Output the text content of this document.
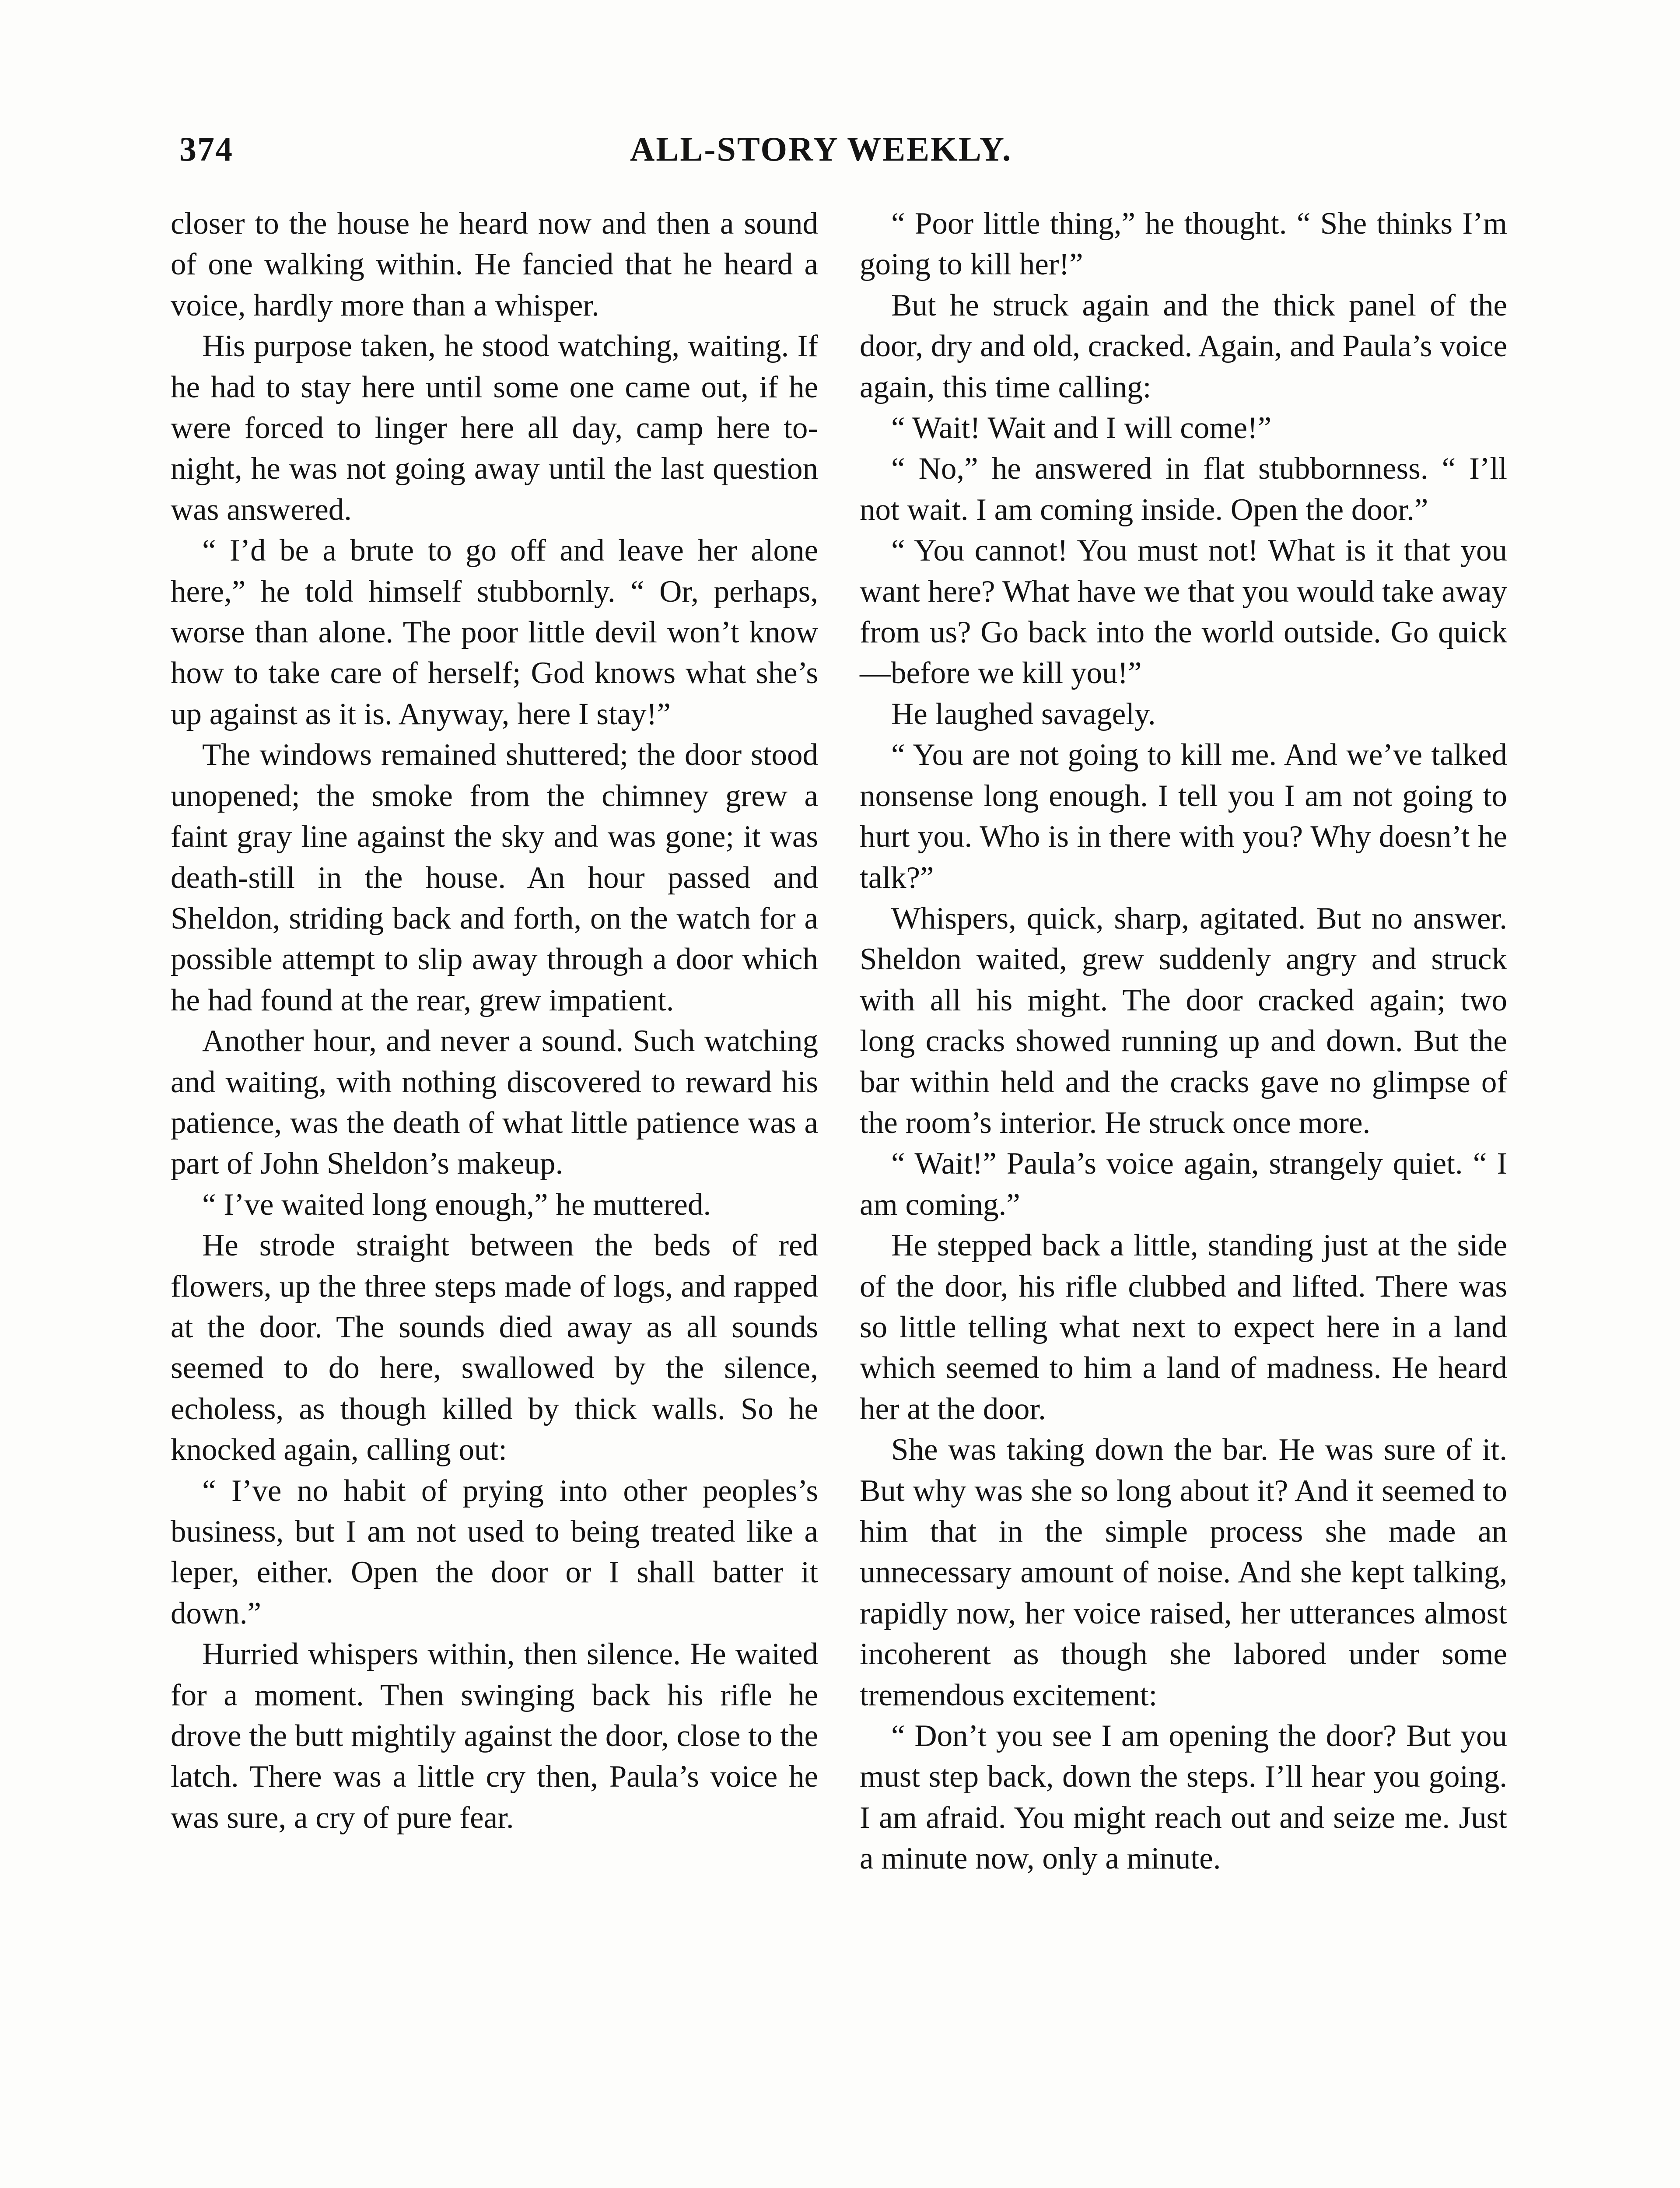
374	ALL-STORY WEEKLY.

closer to the house he heard now and then a sound of one walking within. He fancied that he heard a voice, hardly more than a whisper.

His purpose taken, he stood watching, waiting. If he had to stay here until some one came out, if he were forced to linger here all day, camp here to-night, he was not going away until the last question was answered.

“ I’d be a brute to go off and leave her alone here,” he told himself stubbornly. “ Or, perhaps, worse than alone. The poor little devil won’t know how to take care of herself; God knows what she’s up against as it is. Anyway, here I stay!”

The windows remained shuttered; the door stood unopened; the smoke from the chimney grew a faint gray line against the sky and was gone; it was death-still in the house. An hour passed and Sheldon, striding back and forth, on the watch for a possible attempt to slip away through a door which he had found at the rear, grew impatient.

Another hour, and never a sound. Such watching and waiting, with nothing discovered to reward his patience, was the death of what little patience was a part of John Sheldon’s makeup.

“ I’ve waited long enough,” he muttered.

He strode straight between the beds of red flowers, up the three steps made of logs, and rapped at the door. The sounds died away as all sounds seemed to do here, swallowed by the silence, echoless, as though killed by thick walls. So he knocked again, calling out:

“ I’ve no habit of prying into other peoples’s business, but I am not used to being treated like a leper, either. Open the door or I shall batter it down.”

Hurried whispers within, then silence. He waited for a moment. Then swinging back his rifle he drove the butt mightily against the door, close to the latch. There was a little cry then, Paula’s voice he was sure, a cry of pure fear.

“ Poor little thing,” he thought. “ She thinks I’m going to kill her!”

But he struck again and the thick panel of the door, dry and old, cracked. Again, and Paula’s voice again, this time calling:

“ Wait! Wait and I will come!”

“ No,” he answered in flat stubbornness. “ I’ll not wait. I am coming inside. Open the door.”

“ You cannot! You must not! What is it that you want here? What have we that you would take away from us? Go back into the world outside. Go quick—before we kill you!”

He laughed savagely.

“ You are not going to kill me. And we’ve talked nonsense long enough. I tell you I am not going to hurt you. Who is in there with you? Why doesn’t he talk?”

Whispers, quick, sharp, agitated. But no answer. Sheldon waited, grew suddenly angry and struck with all his might. The door cracked again; two long cracks showed running up and down. But the bar within held and the cracks gave no glimpse of the room’s interior. He struck once more.

“ Wait!” Paula’s voice again, strangely quiet. “ I am coming.”

He stepped back a little, standing just at the side of the door, his rifle clubbed and lifted. There was so little telling what next to expect here in a land which seemed to him a land of madness. He heard her at the door.

She was taking down the bar. He was sure of it. But why was she so long about it? And it seemed to him that in the simple process she made an unnecessary amount of noise. And she kept talking, rapidly now, her voice raised, her utterances almost incoherent as though she labored under some tremendous excitement:

“ Don’t you see I am opening the door? But you must step back, down the steps. I’ll hear you going. I am afraid. You might reach out and seize me. Just a minute now, only a minute.
